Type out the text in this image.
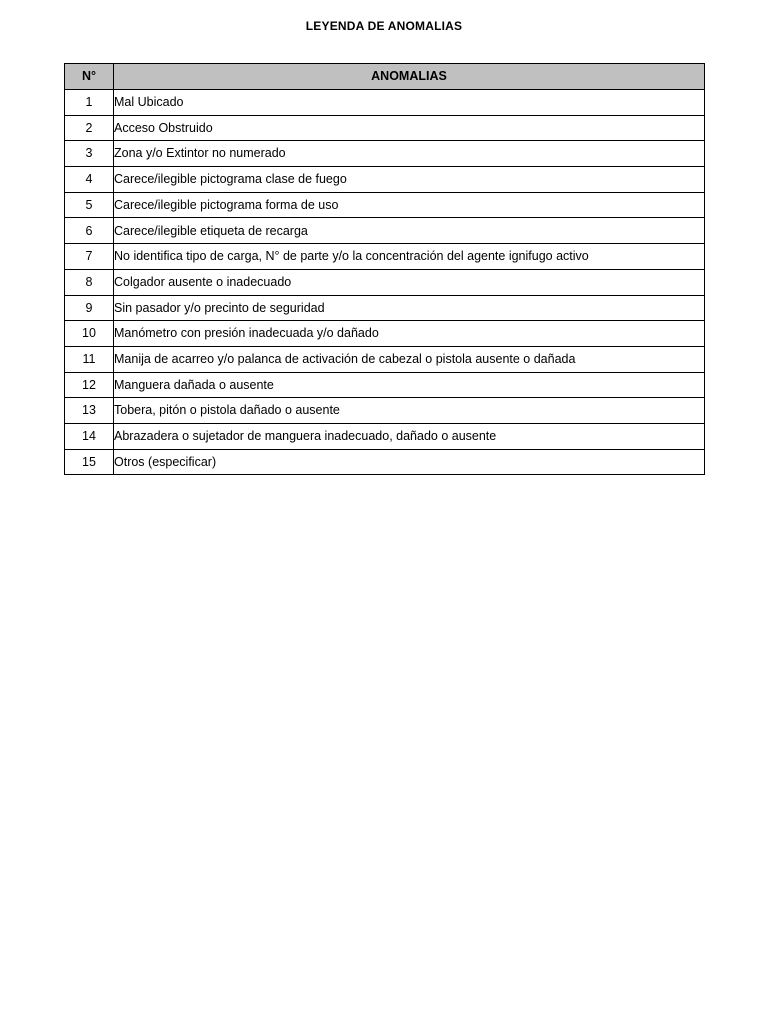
LEYENDA DE ANOMALIAS
N°	ANOMALIAS
1	Mal Ubicado
2	Acceso Obstruido
3	Zona y/o Extintor no numerado
4	Carece/ilegible pictograma clase de fuego
5	Carece/ilegible pictograma forma de uso
6	Carece/ilegible etiqueta de recarga
7	No identifica tipo de carga, N° de parte y/o la concentración del agente ignifugo activo
8	Colgador ausente o inadecuado
9	Sin pasador y/o precinto de seguridad
10	Manómetro con presión inadecuada y/o dañado
11	Manija de acarreo y/o palanca de activación de cabezal o pistola ausente o dañada
12	Manguera dañada o ausente
13	Tobera, pitón o pistola dañado o ausente
14	Abrazadera o sujetador de manguera inadecuado, dañado o ausente
15	Otros (especificar)
